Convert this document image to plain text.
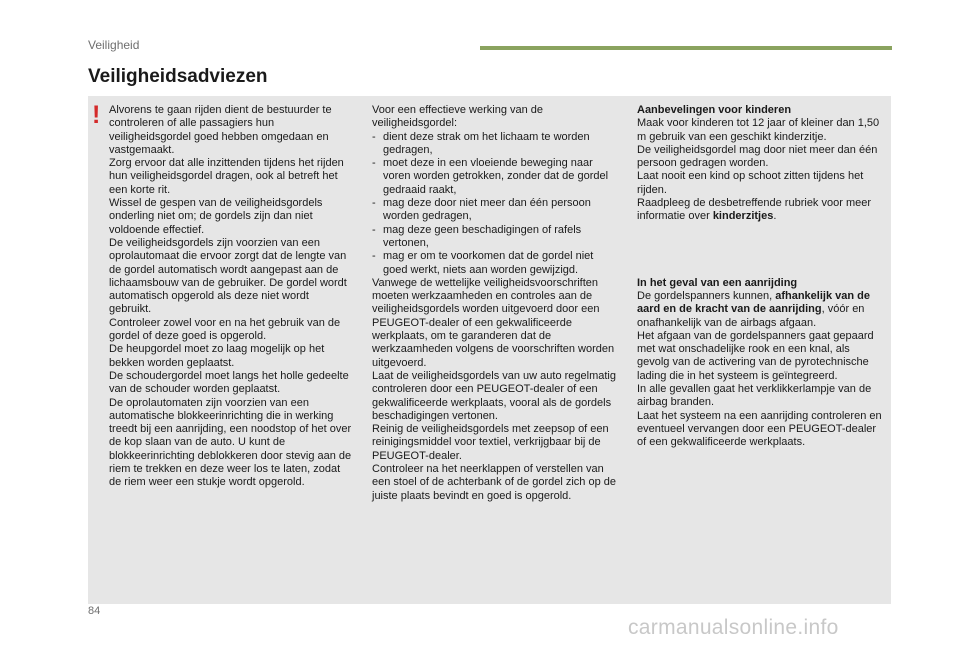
Veiligheid
Veiligheidsadviezen
! Alvorens te gaan rijden dient de bestuurder te controleren of alle passagiers hun veiligheidsgordel goed hebben omgedaan en vastgemaakt.

Zorg ervoor dat alle inzittenden tijdens het rijden hun veiligheidsgordel dragen, ook al betreft het een korte rit.

Wissel de gespen van de veiligheidsgordels onderling niet om; de gordels zijn dan niet voldoende effectief.

De veiligheidsgordels zijn voorzien van een oprolautomaat die ervoor zorgt dat de lengte van de gordel automatisch wordt aangepast aan de lichaamsbouw van de gebruiker. De gordel wordt automatisch opgerold als deze niet wordt gebruikt.

Controleer zowel voor en na het gebruik van de gordel of deze goed is opgerold.

De heupgordel moet zo laag mogelijk op het bekken worden geplaatst.

De schoudergordel moet langs het holle gedeelte van de schouder worden geplaatst.

De oprolautomaten zijn voorzien van een automatische blokkeerinrichting die in werking treedt bij een aanrijding, een noodstop of het over de kop slaan van de auto. U kunt de blokkeerinrichting deblokkeren door stevig aan de riem te trekken en deze weer los te laten, zodat de riem weer een stukje wordt opgerold.

Voor een effectieve werking van de veiligheidsgordel:

- dient deze strak om het lichaam te worden gedragen,
- moet deze in een vloeiende beweging naar voren worden getrokken, zonder dat de gordel gedraaid raakt,
- mag deze door niet meer dan één persoon worden gedragen,
- mag deze geen beschadigingen of rafels vertonen,
- mag er om te voorkomen dat de gordel niet goed werkt, niets aan worden gewijzigd.

Vanwege de wettelijke veiligheidsvoorschriften moeten werkzaamheden en controles aan de veiligheidsgordels worden uitgevoerd door een PEUGEOT-dealer of een gekwalificeerde werkplaats, om te garanderen dat de werkzaamheden volgens de voorschriften worden uitgevoerd.

Laat de veiligheidsgordels van uw auto regelmatig controleren door een PEUGEOT-dealer of een gekwalificeerde werkplaats, vooral als de gordels beschadigingen vertonen.

Reinig de veiligheidsgordels met zeepsop of een reinigingsmiddel voor textiel, verkrijgbaar bij de PEUGEOT-dealer.

Controleer na het neerklappen of verstellen van een stoel of de achterbank of de gordel zich op de juiste plaats bevindt en goed is opgerold.

Aanbevelingen voor kinderen

Maak voor kinderen tot 12 jaar of kleiner dan 1,50 m gebruik van een geschikt kinderzitje.

De veiligheidsgordel mag door niet meer dan één persoon gedragen worden.

Laat nooit een kind op schoot zitten tijdens het rijden.

Raadpleeg de desbetreffende rubriek voor meer informatie over kinderzitjes.

In het geval van een aanrijding

De gordelspanners kunnen, afhankelijk van de aard en de kracht van de aanrijding, vóór en onafhankelijk van de airbags afgaan.

Het afgaan van de gordelspanners gaat gepaard met wat onschadelijke rook en een knal, als gevolg van de activering van de pyrotechnische lading die in het systeem is geïntegreerd.

In alle gevallen gaat het verklikkerlampje van de airbag branden.

Laat het systeem na een aanrijding controleren en eventueel vervangen door een PEUGEOT-dealer of een gekwalificeerde werkplaats.

84
carmanualsonline.info
